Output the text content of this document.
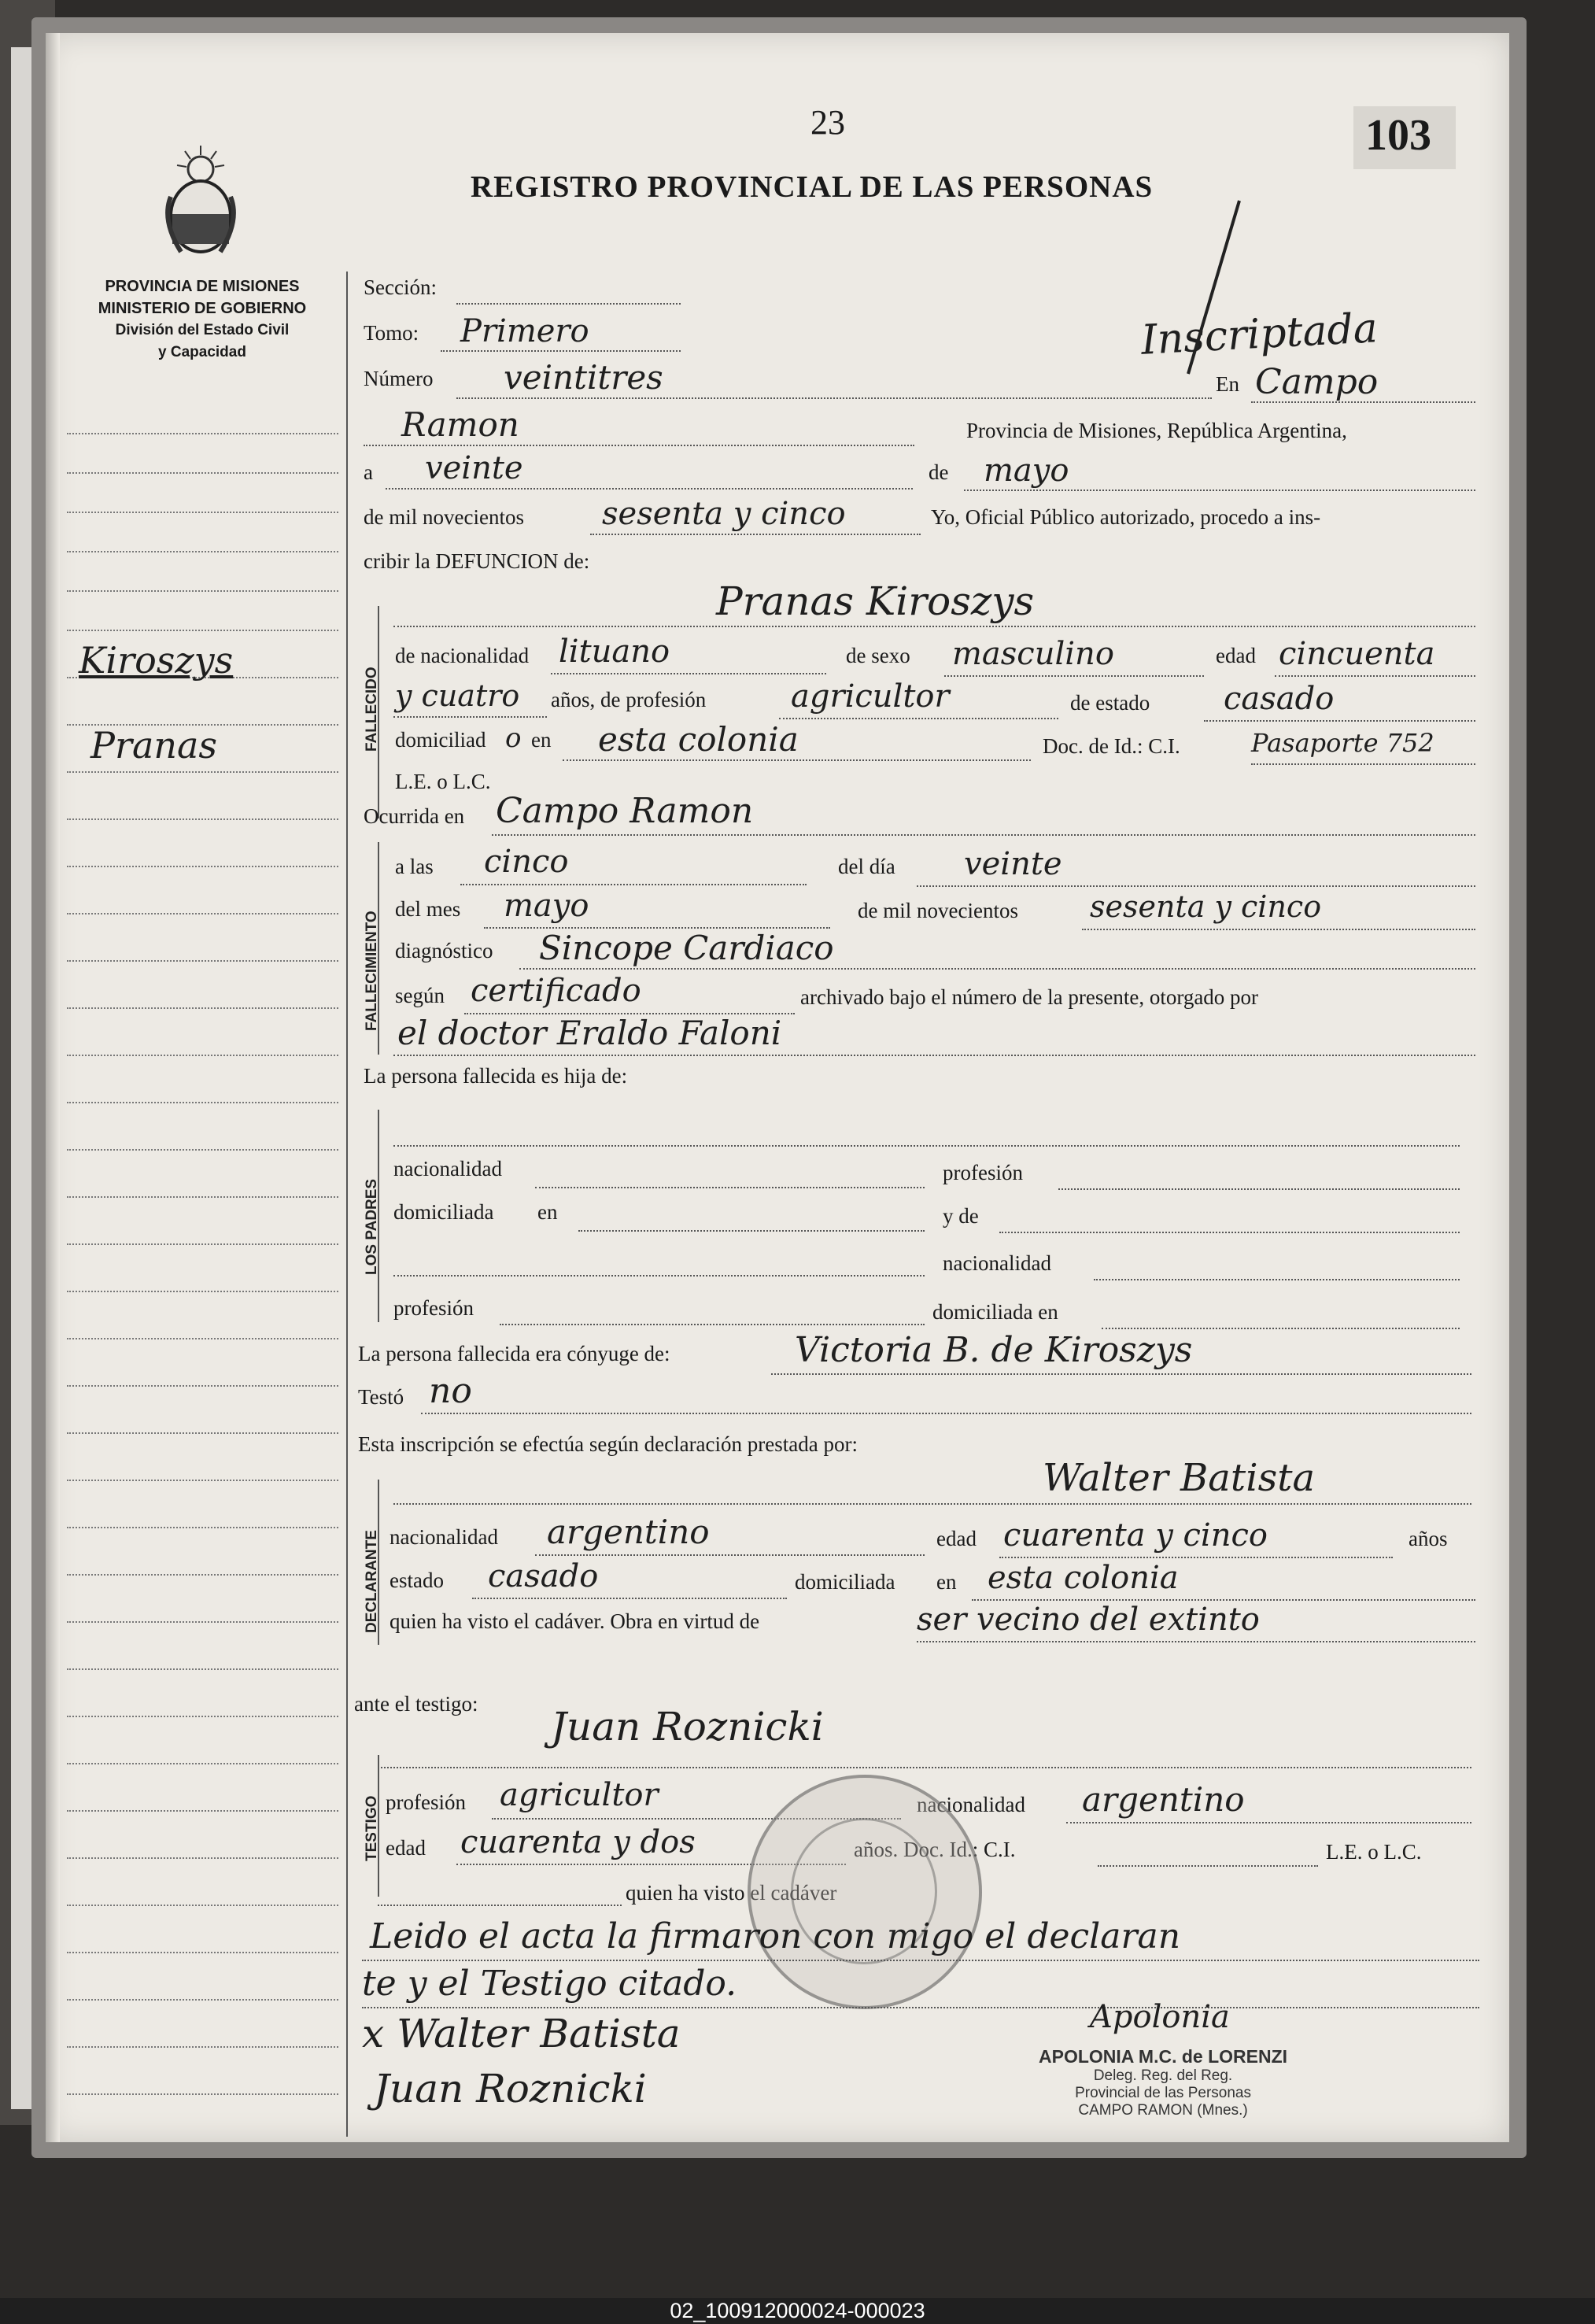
23	103
REGISTRO PROVINCIAL DE LAS PERSONAS
PROVINCIA DE MISIONES
MINISTERIO DE GOBIERNO
División del Estado Civil
y Capacidad	Inscriptada
Kiroszys
Pranas	FALLECIDO
FALLECIMIENTO
LOS PADRES
DECLARANTE
TESTIGO
Sección:
Tomo: Primero
Número veintitres	En Campo
Ramon	Provincia de Misiones, República Argentina,
a veinte	de mayo
de mil novecientos sesenta y cinco	Yo, Oficial Público autorizado, procedo a ins-
cribir la DEFUNCION de:
Pranas Kiroszys
de nacionalidad lituano	de sexo masculino	edad cincuenta
y cuatro años, de profesión	agricultor	de estado casado
domiciliad o en esta colonia	Doc. de Id.: C.I.	Pasaporte 752
L.E. o L.C.
Ocurrida en Campo Ramon
a las cinco	del día veinte
del mes mayo	de mil novecientos sesenta y cinco
diagnóstico Sincope Cardiaco
según certificado	archivado bajo el número de la presente, otorgado por
el doctor Eraldo Faloni
La persona fallecida es hija de:
nacionalidad	profesión
domiciliada en	y de
nacionalidad
profesión	domiciliada en
La persona fallecida era cónyuge de:	Victoria B. de Kiroszys
Testó no
Esta inscripción se efectúa según declaración prestada por:
Walter Batista
nacionalidad argentino	edad cuarenta y cinco	años
estado casado	domiciliada en esta colonia
quien ha visto el cadáver. Obra en virtud de	ser vecino del extinto
ante el testigo: Juan Roznicki
profesión agricultor	nacionalidad argentino
edad cuarenta y dos	años. Doc. Id.: C.I.	L.E. o L.C.
quien ha visto el cadáver
Leido el acta la firmaron con migo el declaran
te y el Testigo citado.
x Walter Batista
Juan Roznicki
Apolonia
APOLONIA M.C. de LORENZI
Deleg. Reg. del Reg.
Provincial de las Personas
CAMPO RAMON (Mnes.)
02_100912000024-000023
